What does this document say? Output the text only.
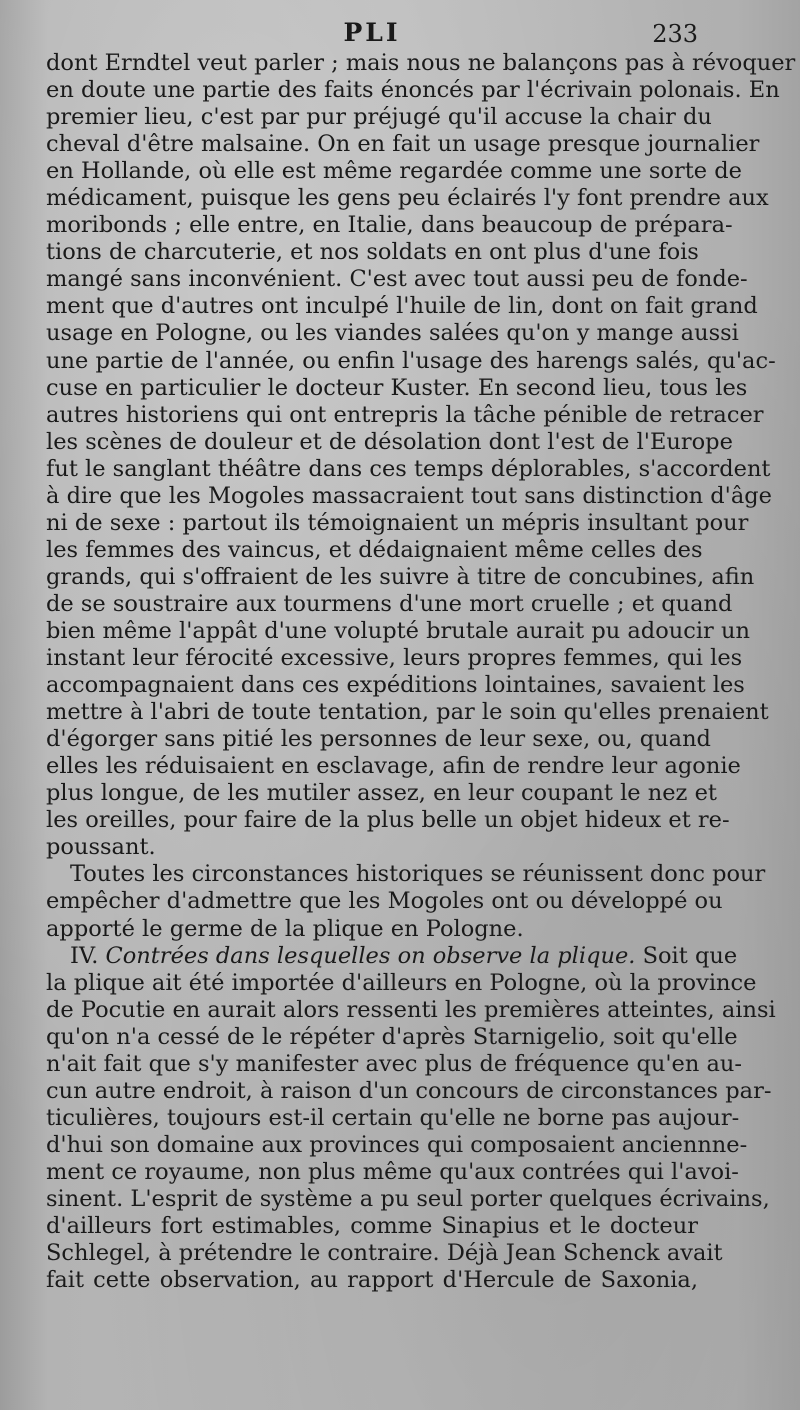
PLI	233
dont Erndtel veut parler ; mais nous ne balançons pas à révoquer
en doute une partie des faits énoncés par l'écrivain polonais. En
premier lieu, c'est par pur préjugé qu'il accuse la chair du
cheval d'être malsaine. On en fait un usage presque journalier
en Hollande, où elle est même regardée comme une sorte de
médicament, puisque les gens peu éclairés l'y font prendre aux
moribonds ; elle entre, en Italie, dans beaucoup de prépara-
tions de charcuterie, et nos soldats en ont plus d'une fois
mangé sans inconvénient. C'est avec tout aussi peu de fonde-
ment que d'autres ont inculpé l'huile de lin, dont on fait grand
usage en Pologne, ou les viandes salées qu'on y mange aussi
une partie de l'année, ou enfin l'usage des harengs salés, qu'ac-
cuse en particulier le docteur Kuster. En second lieu, tous les
autres historiens qui ont entrepris la tâche pénible de retracer
les scènes de douleur et de désolation dont l'est de l'Europe
fut le sanglant théâtre dans ces temps déplorables, s'accordent
à dire que les Mogoles massacraient tout sans distinction d'âge
ni de sexe : partout ils témoignaient un mépris insultant pour
les femmes des vaincus, et dédaignaient même celles des
grands, qui s'offraient de les suivre à titre de concubines, afin
de se soustraire aux tourmens d'une mort cruelle ; et quand
bien même l'appât d'une volupté brutale aurait pu adoucir un
instant leur férocité excessive, leurs propres femmes, qui les
accompagnaient dans ces expéditions lointaines, savaient les
mettre à l'abri de toute tentation, par le soin qu'elles prenaient
d'égorger sans pitié les personnes de leur sexe, ou, quand
elles les réduisaient en esclavage, afin de rendre leur agonie
plus longue, de les mutiler assez, en leur coupant le nez et
les oreilles, pour faire de la plus belle un objet hideux et re-
poussant.
Toutes les circonstances historiques se réunissent donc pour
empêcher d'admettre que les Mogoles ont ou développé ou
apporté le germe de la plique en Pologne.
IV. Contrées dans lesquelles on observe la plique. Soit que
la plique ait été importée d'ailleurs en Pologne, où la province
de Pocutie en aurait alors ressenti les premières atteintes, ainsi
qu'on n'a cessé de le répéter d'après Starnigelio, soit qu'elle
n'ait fait que s'y manifester avec plus de fréquence qu'en au-
cun autre endroit, à raison d'un concours de circonstances par-
ticulières, toujours est-il certain qu'elle ne borne pas aujour-
d'hui son domaine aux provinces qui composaient anciennne-
ment ce royaume, non plus même qu'aux contrées qui l'avoi-
sinent. L'esprit de système a pu seul porter quelques écrivains,
d'ailleurs fort estimables, comme Sinapius et le docteur
Schlegel, à prétendre le contraire. Déjà Jean Schenck avait
fait cette observation, au rapport d'Hercule de Saxonia,
